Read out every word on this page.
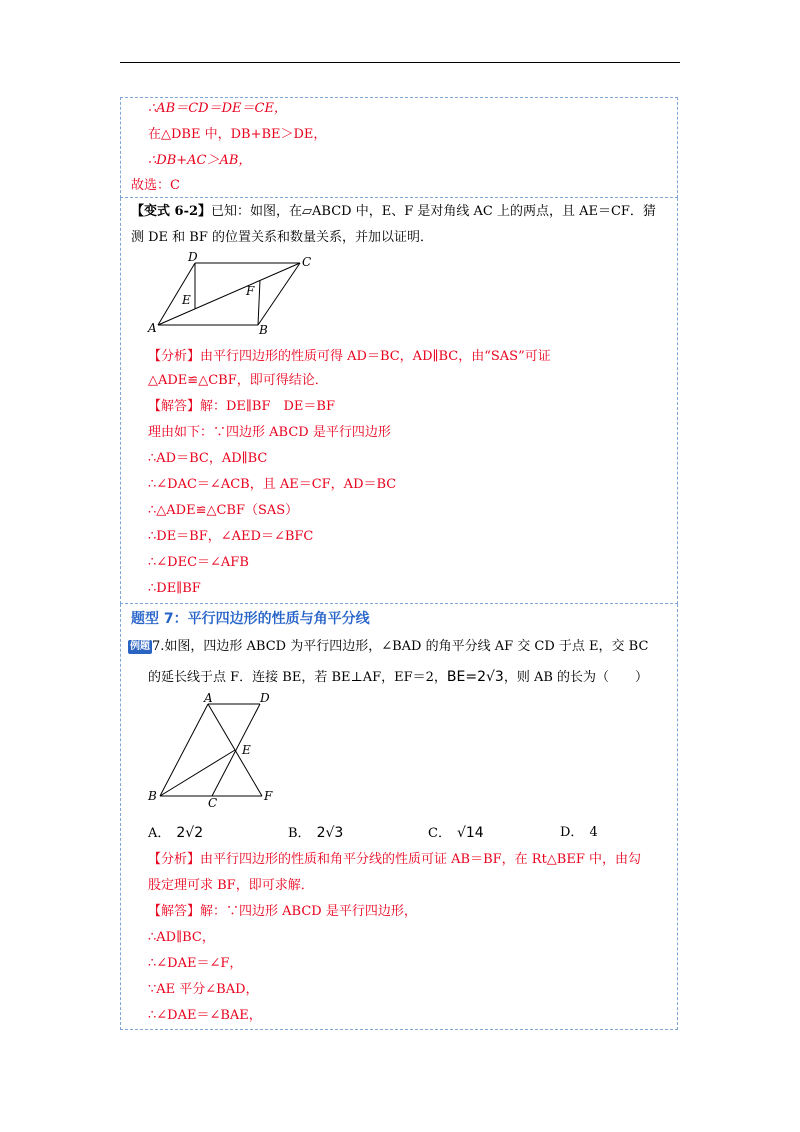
∴AB＝CD＝DE＝CE，
在△DBE 中，DB+BE＞DE，
∴DB+AC＞AB，
故选：C
【变式 6-2】已知：如图，在▱ABCD 中，E、F 是对角线 AC 上的两点，且 AE＝CF．猜
测 DE 和 BF 的位置关系和数量关系，并加以证明．
A	B
C
D
E
F
【分析】由平行四边形的性质可得 AD＝BC，AD∥BC，由“SAS”可证
△ADE≌△CBF，即可得结论．
【解答】解：DE∥BF　DE＝BF
理由如下：∵四边形 ABCD 是平行四边形
∴AD＝BC，AD∥BC
∴∠DAC＝∠ACB，且 AE＝CF，AD＝BC
∴△ADE≌△CBF（SAS）
∴DE＝BF，∠AED＝∠BFC
∴∠DEC＝∠AFB
∴DE∥BF
题型 7：平行四边形的性质与角平分线
例题 7.如图，四边形 ABCD 为平行四边形，∠BAD 的角平分线 AF 交 CD 于点 E，交 BC
的延长线于点 F．连接 BE，若 BE⊥AF，EF＝2，BE=2√3，则 AB 的长为（　　）
A	D
E
B	C	F
A． 2√2	B． 2√3	C． √14	D． 4
【分析】由平行四边形的性质和角平分线的性质可证 AB＝BF，在 Rt△BEF 中，由勾
股定理可求 BF，即可求解．
【解答】解：∵四边形 ABCD 是平行四边形，
∴AD∥BC，
∴∠DAE＝∠F，
∵AE 平分∠BAD，
∴∠DAE＝∠BAE，
